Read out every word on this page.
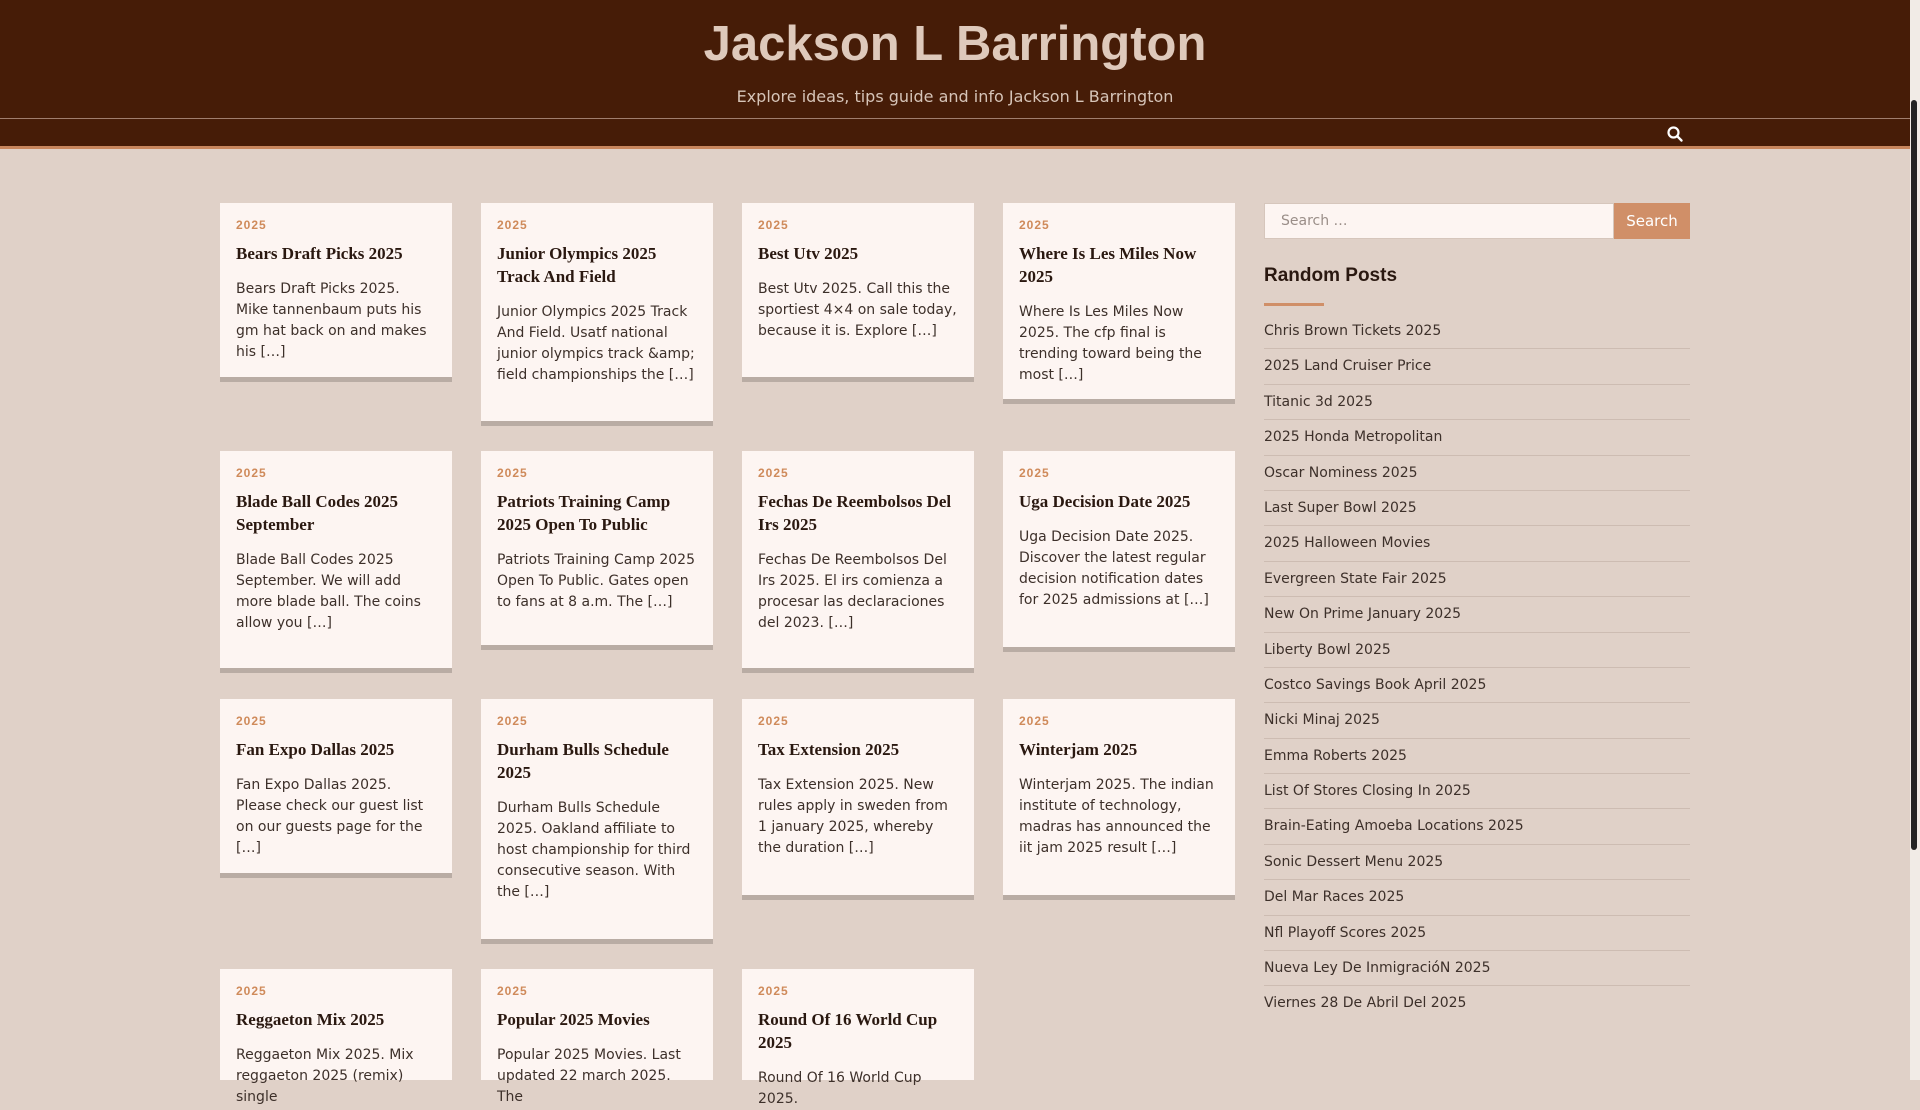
Jackson L Barrington
Explore ideas, tips guide and info Jackson L Barrington
2025
Bears Draft Picks 2025

Bears Draft Picks 2025. Mike tannenbaum puts his gm hat back on and makes his […]

2025
Junior Olympics 2025 Track And Field

Junior Olympics 2025 Track And Field. Usatf national junior olympics track &amp; field championships the […]

2025
Best Utv 2025

Best Utv 2025. Call this the sportiest 4×4 on sale today, because it is. Explore […]

2025
Where Is Les Miles Now 2025

Where Is Les Miles Now 2025. The cfp final is trending toward being the most […]

2025
Blade Ball Codes 2025 September

Blade Ball Codes 2025 September. We will add more blade ball. The coins allow you […]

2025
Patriots Training Camp 2025 Open To Public

Patriots Training Camp 2025 Open To Public. Gates open to fans at 8 a.m. The […]

2025
Fechas De Reembolsos Del Irs 2025

Fechas De Reembolsos Del Irs 2025. El irs comienza a procesar las declaraciones del 2023. […]

2025
Uga Decision Date 2025

Uga Decision Date 2025. Discover the latest regular decision notification dates for 2025 admissions at […]

2025
Fan Expo Dallas 2025

Fan Expo Dallas 2025. Please check our guest list on our guests page for the […]

2025
Durham Bulls Schedule 2025

Durham Bulls Schedule 2025. Oakland affiliate to host championship for third consecutive season. With the […]

2025
Tax Extension 2025

Tax Extension 2025. New rules apply in sweden from 1 january 2025, whereby the duration […]

2025
Winterjam 2025

Winterjam 2025. The indian institute of technology, madras has announced the iit jam 2025 result […]

2025
Reggaeton Mix 2025

Reggaeton Mix 2025. Mix reggaeton 2025 (remix) single

2025
Popular 2025 Movies

Popular 2025 Movies. Last updated 22 march 2025. The

2025
Round Of 16 World Cup 2025

Round Of 16 World Cup 2025.

Search …
Search
Random Posts
Chris Brown Tickets 2025
2025 Land Cruiser Price
Titanic 3d 2025
2025 Honda Metropolitan
Oscar Nominess 2025
Last Super Bowl 2025
2025 Halloween Movies
Evergreen State Fair 2025
New On Prime January 2025
Liberty Bowl 2025
Costco Savings Book April 2025
Nicki Minaj 2025
Emma Roberts 2025
List Of Stores Closing In 2025
Brain-Eating Amoeba Locations 2025
Sonic Dessert Menu 2025
Del Mar Races 2025
Nfl Playoff Scores 2025
Nueva Ley De InmigracióN 2025
Viernes 28 De Abril Del 2025
